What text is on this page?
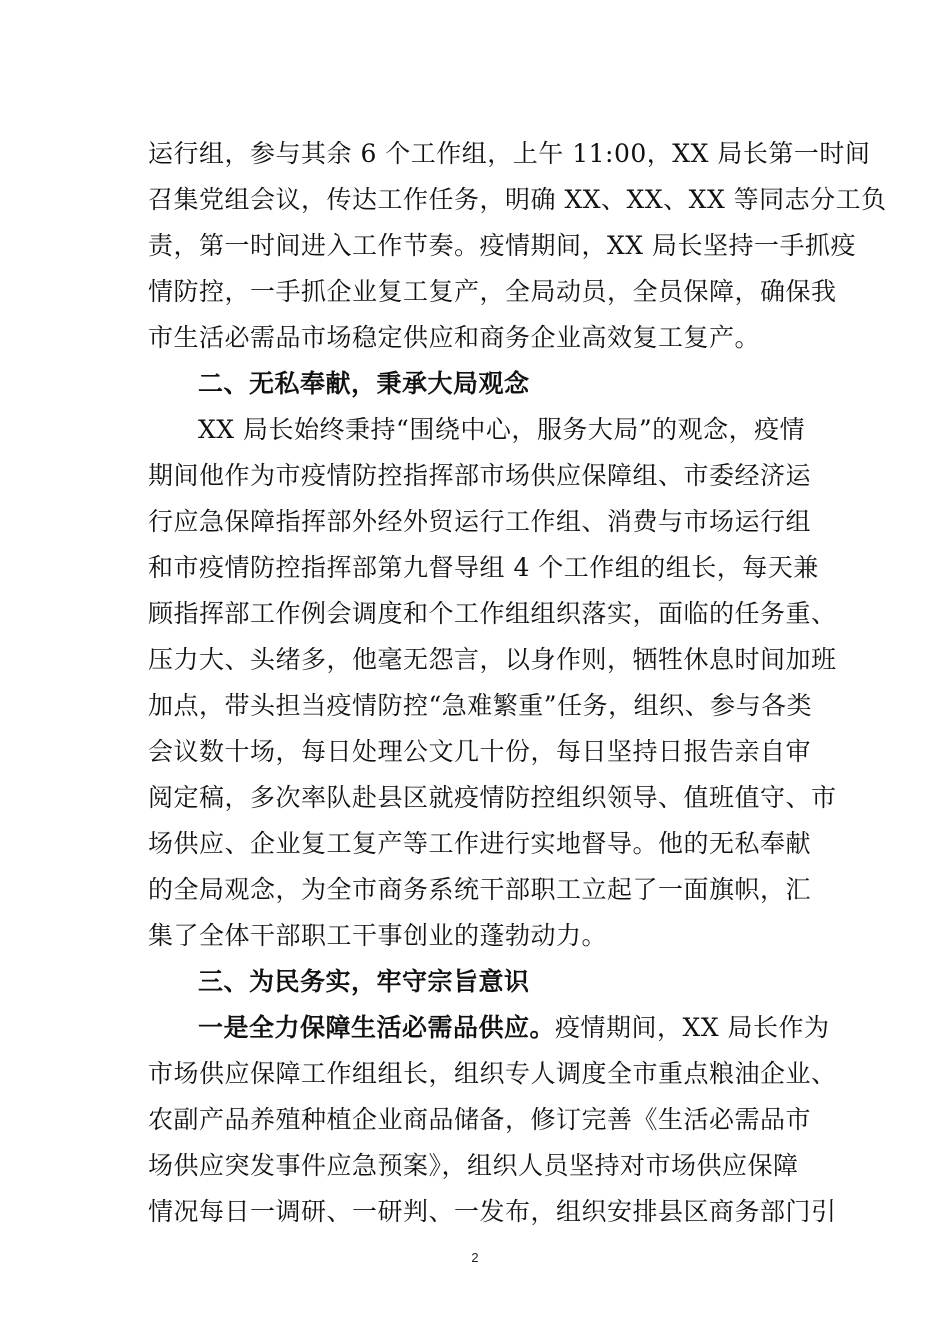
运行组，参与其余 6 个工作组，上午 11:00，XX 局长第一时间
召集党组会议，传达工作任务，明确 XX、XX、XX 等同志分工负
责，第一时间进入工作节奏。疫情期间，XX 局长坚持一手抓疫
情防控，一手抓企业复工复产，全局动员，全员保障，确保我
市生活必需品市场稳定供应和商务企业高效复工复产。
二、无私奉献，秉承大局观念
XX 局长始终秉持“围绕中心，服务大局”的观念，疫情
期间他作为市疫情防控指挥部市场供应保障组、市委经济运
行应急保障指挥部外经外贸运行工作组、消费与市场运行组
和市疫情防控指挥部第九督导组 4 个工作组的组长，每天兼
顾指挥部工作例会调度和个工作组组织落实，面临的任务重、
压力大、头绪多，他毫无怨言，以身作则，牺牲休息时间加班
加点，带头担当疫情防控“急难繁重”任务，组织、参与各类
会议数十场，每日处理公文几十份，每日坚持日报告亲自审
阅定稿，多次率队赴县区就疫情防控组织领导、值班值守、市
场供应、企业复工复产等工作进行实地督导。他的无私奉献
的全局观念，为全市商务系统干部职工立起了一面旗帜，汇
集了全体干部职工干事创业的蓬勃动力。
三、为民务实，牢守宗旨意识
一是全力保障生活必需品供应。疫情期间，XX 局长作为
市场供应保障工作组组长，组织专人调度全市重点粮油企业、
农副产品养殖种植企业商品储备，修订完善《生活必需品市
场供应突发事件应急预案》，组织人员坚持对市场供应保障
情况每日一调研、一研判、一发布，组织安排县区商务部门引
2
